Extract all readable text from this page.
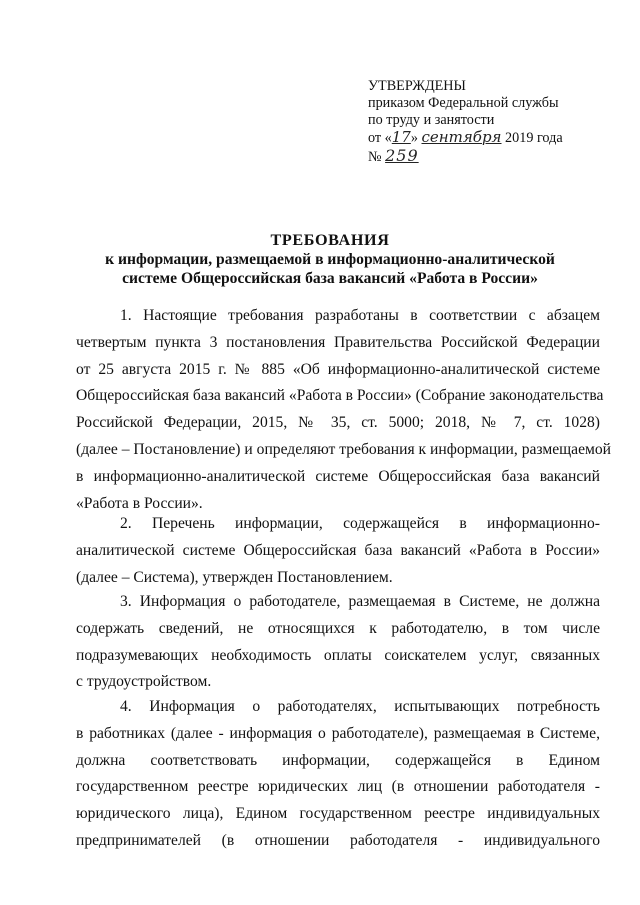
УТВЕРЖДЕНЫ
приказом Федеральной службы
по труду и занятости
от «17» сентября 2019 года
№ 259
ТРЕБОВАНИЯ
к информации, размещаемой в информационно-аналитической
системе Общероссийская база вакансий «Работа в России»
1. Настоящие требования разработаны в соответствии с абзацем
четвертым пункта 3 постановления Правительства Российской Федерации
от 25 августа 2015 г. № 885 «Об информационно-аналитической системе
Общероссийская база вакансий «Работа в России» (Собрание законодательства
Российской Федерации, 2015, № 35, ст. 5000; 2018, № 7, ст. 1028)
(далее – Постановление) и определяют требования к информации, размещаемой
в информационно-аналитической системе Общероссийская база вакансий
«Работа в России».
2. Перечень информации, содержащейся в информационно-
аналитической системе Общероссийская база вакансий «Работа в России»
(далее – Система), утвержден Постановлением.
3. Информация о работодателе, размещаемая в Системе, не должна
содержать сведений, не относящихся к работодателю, в том числе
подразумевающих необходимость оплаты соискателем услуг, связанных
с трудоустройством.
4. Информация о работодателях, испытывающих потребность
в работниках (далее - информация о работодателе), размещаемая в Системе,
должна соответствовать информации, содержащейся в Едином
государственном реестре юридических лиц (в отношении работодателя -
юридического лица), Едином государственном реестре индивидуальных
предпринимателей (в отношении работодателя - индивидуального
